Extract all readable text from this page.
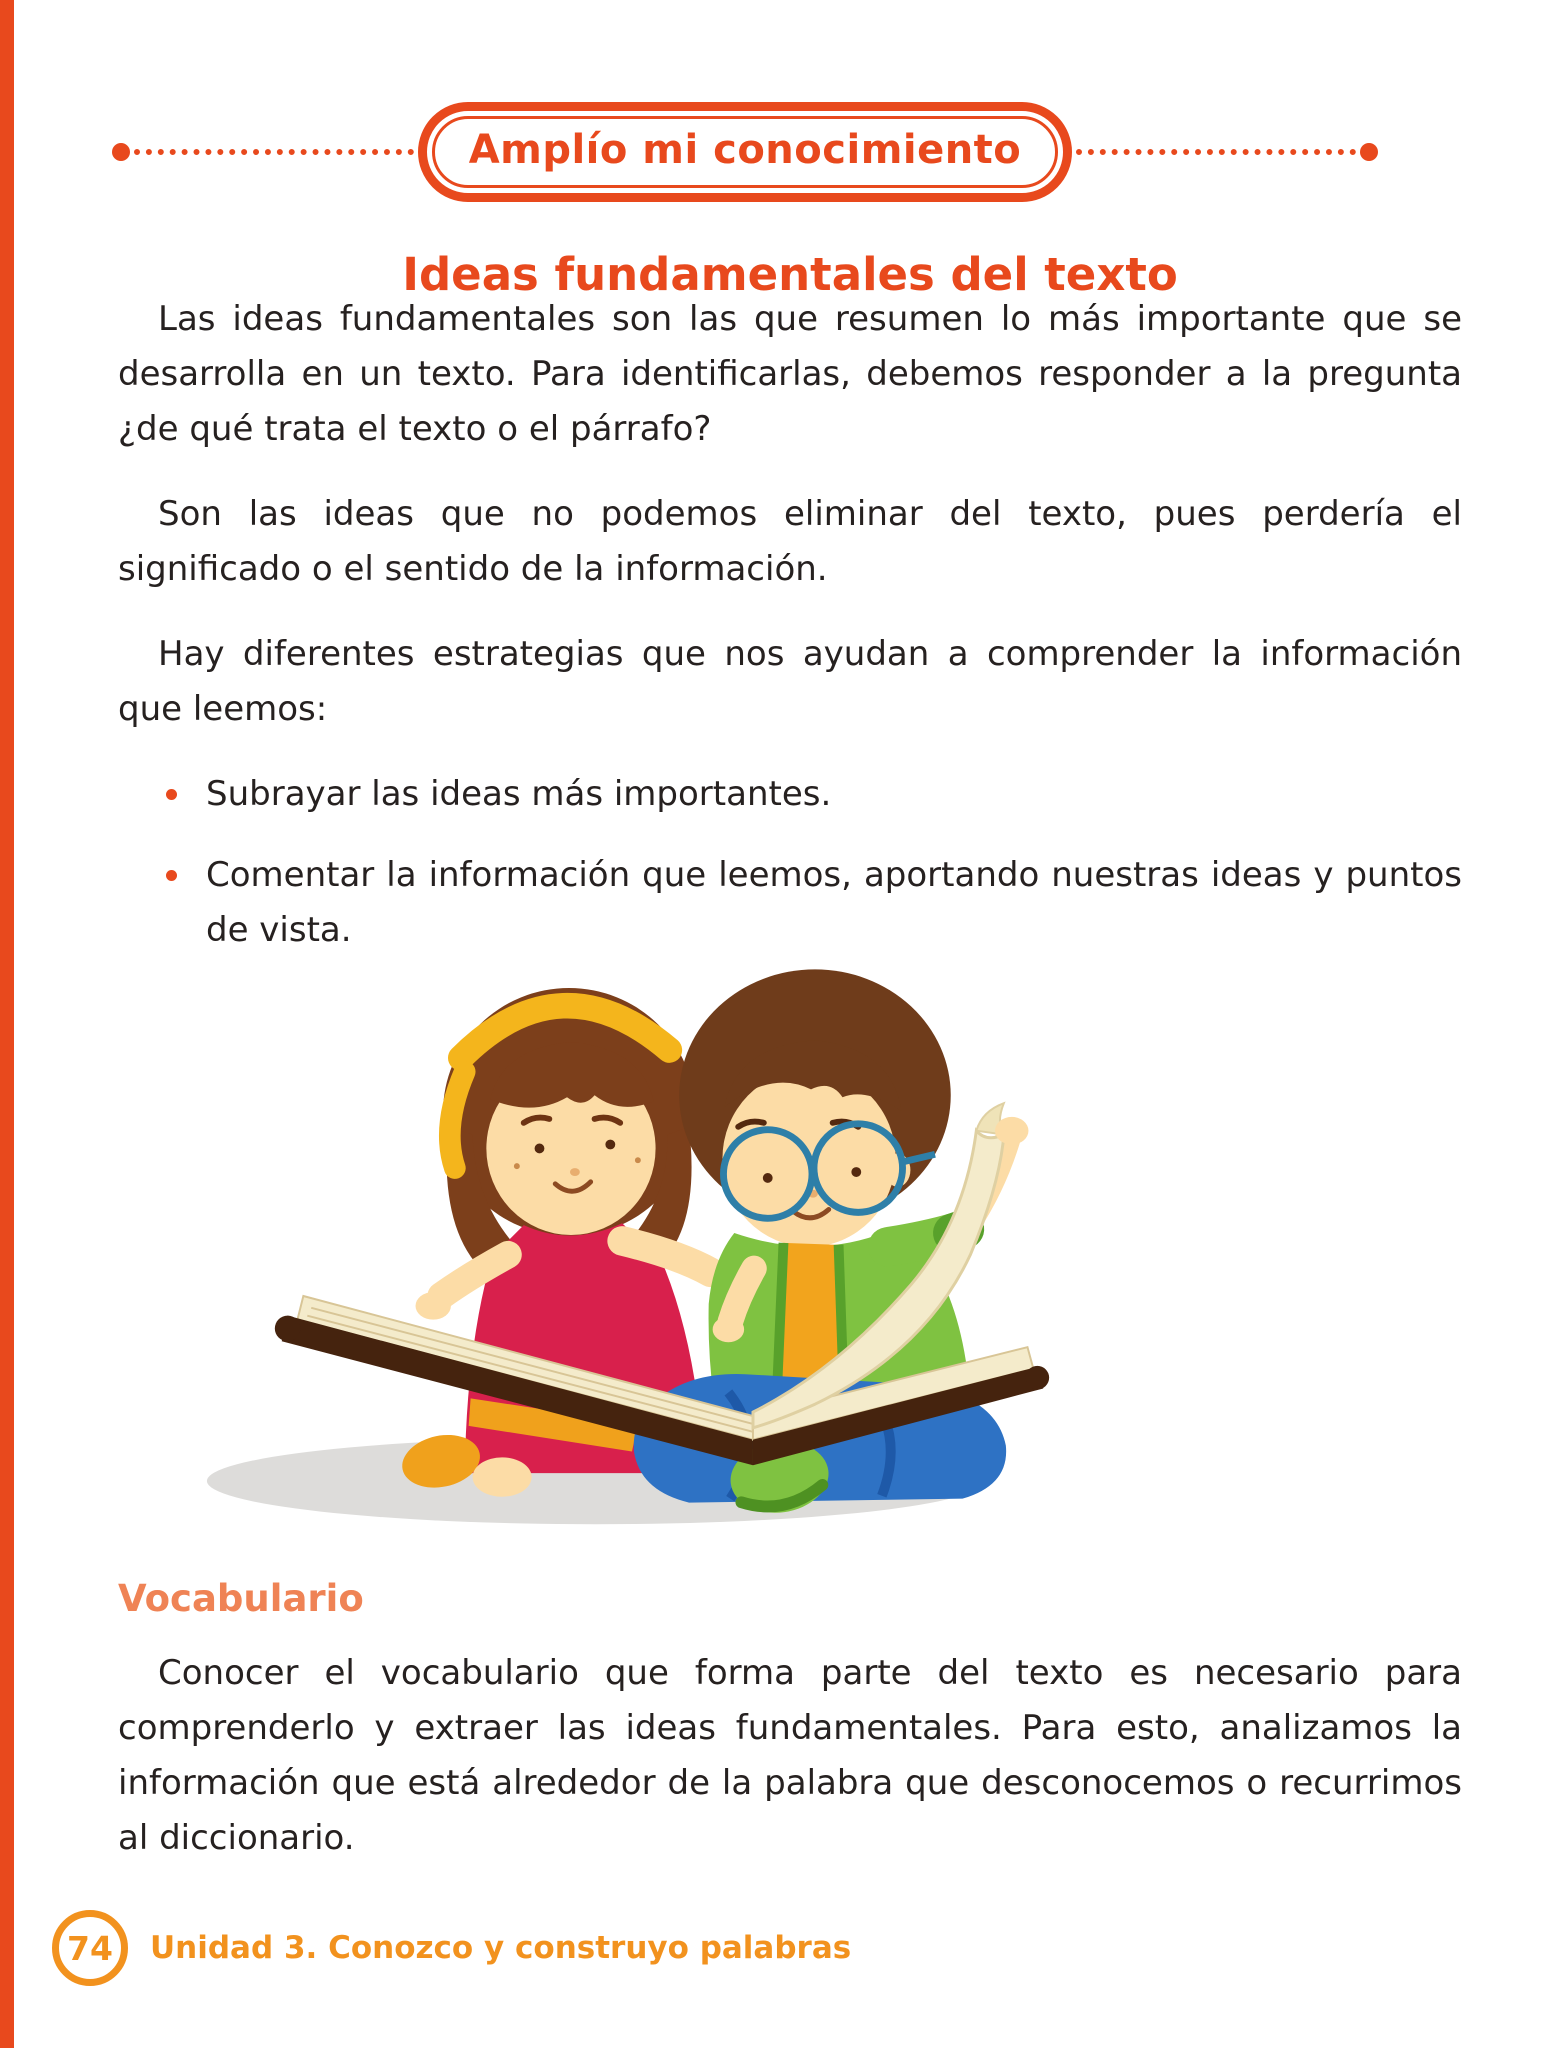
Amplío mi conocimiento
Ideas fundamentales del texto

Las ideas fundamentales son las que resumen lo más importante que se desarrolla en un texto. Para identificarlas, debemos responder a la pregunta ¿de qué trata el texto o el párrafo?

Son las ideas que no podemos eliminar del texto, pues perdería el significado o el sentido de la información.

Hay diferentes estrategias que nos ayudan a comprender la información que leemos:

Subrayar las ideas más importantes.
Comentar la información que leemos, aportando nuestras ideas y puntos de vista.
Vocabulario

Conocer el vocabulario que forma parte del texto es necesario para comprenderlo y extraer las ideas fundamentales. Para esto, analizamos la información que está alrededor de la palabra que desconocemos o recurrimos al diccionario.

74 Unidad 3. Conozco y construyo palabras
